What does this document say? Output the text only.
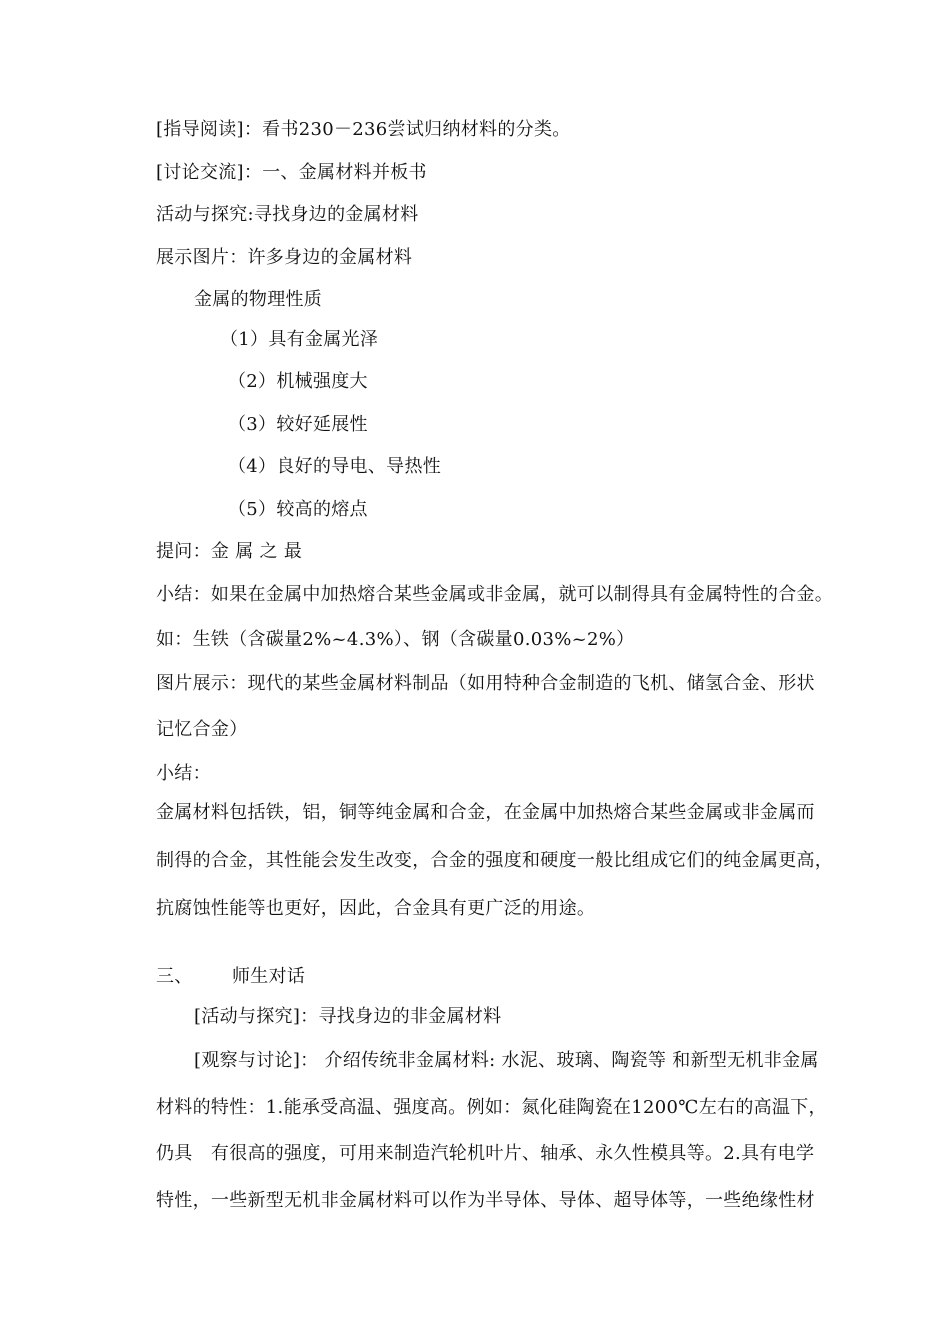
[指导阅读]：看书230－236尝试归纳材料的分类。
[讨论交流]：一、金属材料并板书
活动与探究:寻找身边的金属材料
展示图片：许多身边的金属材料
金属的物理性质
（1）具有金属光泽
（2）机械强度大
（3）较好延展性
（4）良好的导电、导热性
（5）较高的熔点
提问：金 属 之 最
小结：如果在金属中加热熔合某些金属或非金属，就可以制得具有金属特性的合金。
如：生铁（含碳量2%~4.3%）、钢（含碳量0.03%~2%）
图片展示：现代的某些金属材料制品（如用特种合金制造的飞机、储氢合金、形状
记忆合金）
小结：
金属材料包括铁，铝，铜等纯金属和合金，在金属中加热熔合某些金属或非金属而
制得的合金，其性能会发生改变，合金的强度和硬度一般比组成它们的纯金属更高，
抗腐蚀性能等也更好，因此，合金具有更广泛的用途。
三、 师生对话
[活动与探究]：寻找身边的非金属材料
[观察与讨论]： 介绍传统非金属材料: 水泥、玻璃、陶瓷等 和新型无机非金属
材料的特性：1.能承受高温、强度高。例如：氮化硅陶瓷在1200℃左右的高温下，
仍具　有很高的强度，可用来制造汽轮机叶片、轴承、永久性模具等。2.具有电学
特性，一些新型无机非金属材料可以作为半导体、导体、超导体等，一些绝缘性材
